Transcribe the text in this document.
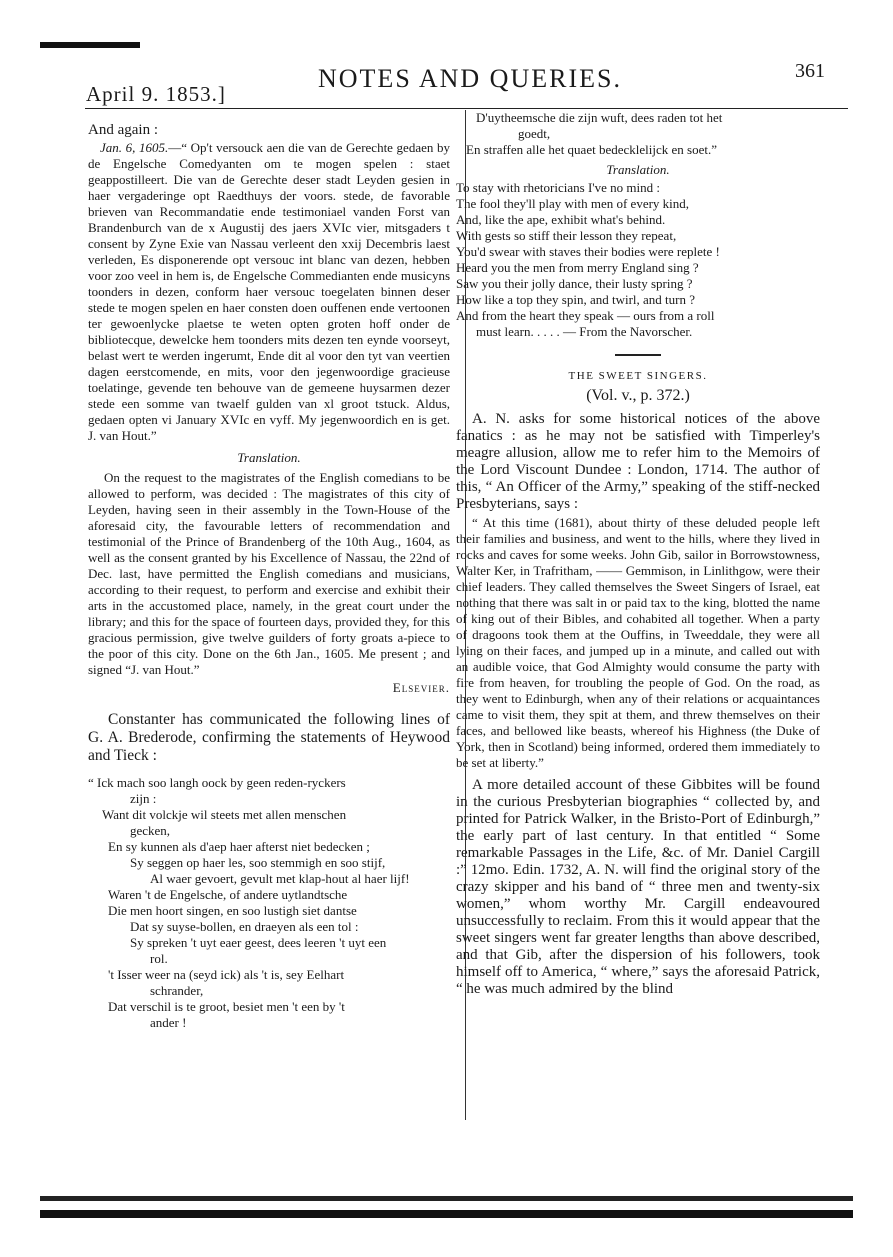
April 9. 1853.]
NOTES AND QUERIES.	361

And again :

Jan. 6, 1605.—“ Op't versouck aen die van de Gerechte gedaen by de Engelsche Comedyanten om te mogen spelen : staet geappostilleert. Die van de Gerechte deser stadt Leyden gesien in haer vergaderinge opt Raedthuys der voors. stede, de favorable brieven van Recommandatie ende testimoniael vanden Forst van Brandenburch van de x Augustij des jaers XVIc vier, mitsgaders t consent by Zyne Exie van Nassau verleent den xxij Decembris laest verleden, Es disponerende opt versouc int blanc van dezen, hebben voor zoo veel in hem is, de Engelsche Commedianten ende musicyns toonders in dezen, conform haer versouc toegelaten binnen deser stede te mogen spelen en haer consten doen ouffenen ende vertoonen ter gewoenlycke plaetse te weten opten groten hoff onder de bibliotecque, dewelcke hem toonders mits dezen ten eynde voorseyt, belast wert te werden ingerumt, Ende dit al voor den tyt van veertien dagen eerstcomende, en mits, voor den jegenwoordige gracieuse toelatinge, gevende ten behouve van de gemeene huysarmen dezer stede een somme van twaelf gulden van xl groot tstuck. Aldus, gedaen opten vi January XVIc en vyff. My jegenwoordich en is get. J. van Hout.”

Translation.

On the request to the magistrates of the English comedians to be allowed to perform, was decided : The magistrates of this city of Leyden, having seen in their assembly in the Town-House of the aforesaid city, the favourable letters of recommendation and testimonial of the Prince of Brandenberg of the 10th Aug., 1604, as well as the consent granted by his Excellence of Nassau, the 22nd of Dec. last, have permitted the English comedians and musicians, according to their request, to perform and exercise and exhibit their arts in the accustomed place, namely, in the great court under the library; and this for the space of fourteen days, provided they, for this gracious permission, give twelve guilders of forty groats a-piece to the poor of this city. Done on the 6th Jan., 1605. Me present ; and signed “J. van Hout.”

Elsevier.

Constanter has communicated the following lines of G. A. Brederode, confirming the statements of Heywood and Tieck :

“ Ick mach soo langh oock by geen reden-ryckers
zijn :
Want dit volckje wil steets met allen menschen
gecken,
En sy kunnen als d'aep haer afterst niet bedecken ;
Sy seggen op haer les, soo stemmigh en soo stijf,
Al waer gevoert, gevult met klap-hout al haer lijf!
Waren 't de Engelsche, of andere uytlandtsche
Die men hoort singen, en soo lustigh siet dantse
Dat sy suyse-bollen, en draeyen als een tol :
Sy spreken 't uyt eaer geest, dees leeren 't uyt een
rol.
't Isser weer na (seyd ick) als 't is, sey Eelhart
schrander,
Dat verschil is te groot, besiet men 't een by 't
ander !
D'uytheemsche die zijn wuft, dees raden tot het
goedt,
En straffen alle het quaet bedecklelijck en soet.”

Translation.

To stay with rhetoricians I've no mind :
The fool they'll play with men of every kind,
And, like the ape, exhibit what's behind.
With gests so stiff their lesson they repeat,
You'd swear with staves their bodies were replete !
Heard you the men from merry England sing ?
Saw you their jolly dance, their lusty spring ?
How like a top they spin, and twirl, and turn ?
And from the heart they speak — ours from a roll
must learn. . . . . — From the Navorscher.

THE SWEET SINGERS.

(Vol. v., p. 372.)

A. N. asks for some historical notices of the above fanatics : as he may not be satisfied with Timperley's meagre allusion, allow me to refer him to the Memoirs of the Lord Viscount Dundee : London, 1714. The author of this, “ An Officer of the Army,” speaking of the stiff-necked Presbyterians, says :

“ At this time (1681), about thirty of these deluded people left their families and business, and went to the hills, where they lived in rocks and caves for some weeks. John Gib, sailor in Borrowstowness, Walter Ker, in Trafritham, —— Gemmison, in Linlithgow, were their chief leaders. They called themselves the Sweet Singers of Israel, eat nothing that there was salt in or paid tax to the king, blotted the name of king out of their Bibles, and cohabited all together. When a party of dragoons took them at the Ouffins, in Tweeddale, they were all lying on their faces, and jumped up in a minute, and called out with an audible voice, that God Almighty would consume the party with fire from heaven, for troubling the people of God. On the road, as they went to Edinburgh, when any of their relations or acquaintances came to visit them, they spit at them, and threw themselves on their faces, and bellowed like beasts, whereof his Highness (the Duke of York, then in Scotland) being informed, ordered them immediately to be set at liberty.”

A more detailed account of these Gibbites will be found in the curious Presbyterian biographies “ collected by, and printed for Patrick Walker, in the Bristo-Port of Edinburgh,” the early part of last century. In that entitled “ Some remarkable Passages in the Life, &c. of Mr. Daniel Cargill :” 12mo. Edin. 1732, A. N. will find the original story of the crazy skipper and his band of “ three men and twenty-six women,” whom worthy Mr. Cargill endeavoured unsuccessfully to reclaim. From this it would appear that the sweet singers went far greater lengths than above described, and that Gib, after the dispersion of his followers, took himself off to America, “ where,” says the aforesaid Patrick, “ he was much admired by the blind
